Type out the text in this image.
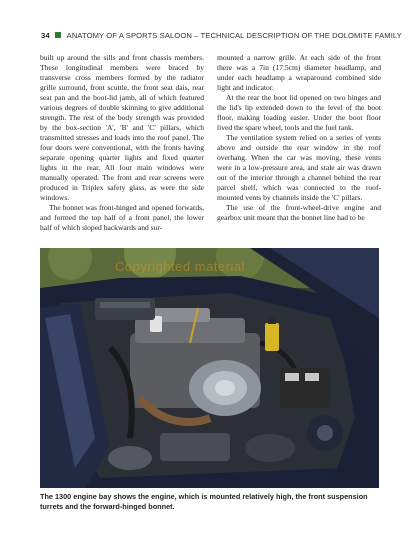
34 ANATOMY OF A SPORTS SALOON – TECHNICAL DESCRIPTION OF THE DOLOMITE FAMILY

built up around the sills and front chassis members. These longitudinal members were braced by transverse cross members formed by the radiator grille surround, front scuttle, the front seat dais, rear seat pan and the boot-lid jamb, all of which featured various degrees of double skinning to give additional strength. The rest of the body strength was provided by the box-section 'A', 'B' and 'C' pillars, which transmitted stresses and loads into the roof panel. The four doors were conventional, with the fronts having separate opening quarter lights and fixed quarter lights in the rear. All four main windows were manually operated. The front and rear screens were produced in Triplex safety glass, as were the side windows.

The bonnet was front-hinged and opened forwards, and formed the top half of a front panel, the lower half of which sloped backwards and sur-

mounted a narrow grille. At each side of the front there was a 7in (17.5cm) diameter headlamp, and under each headlamp a wraparound combined side light and indicator.

At the rear the boot lid opened on two hinges and the lid's lip extended down to the level of the boot floor, making loading easier. Under the boot floor lived the spare wheel, tools and the fuel tank.

The ventilation system relied on a series of vents above and outside the rear window in the roof overhang. When the car was moving, these vents were in a low-pressure area, and stale air was drawn out of the interior through a channel behind the rear parcel shelf, which was connected to the roof-mounted vents by channels inside the 'C' pillars.

The use of the front-wheel-drive engine and gearbox unit meant that the bonnet line had to be

Copyrighted material
The 1300 engine bay shows the engine, which is mounted relatively high, the front suspension turrets and the forward-hinged bonnet.
